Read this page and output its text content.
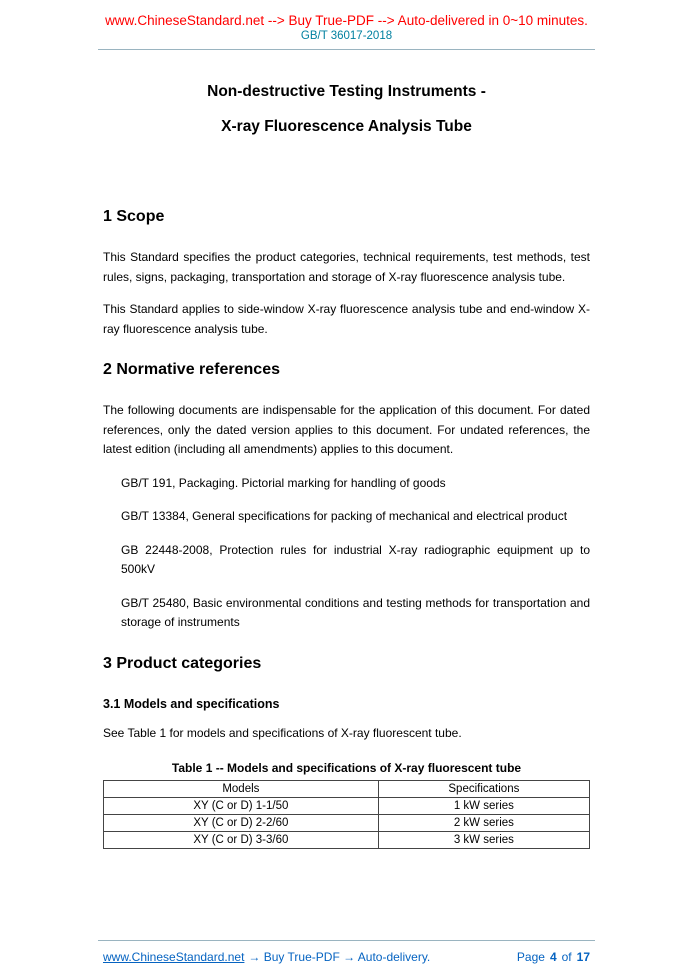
www.ChineseStandard.net --> Buy True-PDF --> Auto-delivered in 0~10 minutes.
GB/T 36017-2018
Non-destructive Testing Instruments -
X-ray Fluorescence Analysis Tube
1 Scope

This Standard specifies the product categories, technical requirements, test methods, test rules, signs, packaging, transportation and storage of X-ray fluorescence analysis tube.

This Standard applies to side-window X-ray fluorescence analysis tube and end-window X-ray fluorescence analysis tube.

2 Normative references

The following documents are indispensable for the application of this document. For dated references, only the dated version applies to this document. For undated references, the latest edition (including all amendments) applies to this document.

GB/T 191, Packaging. Pictorial marking for handling of goods

GB/T 13384, General specifications for packing of mechanical and electrical product

GB 22448-2008, Protection rules for industrial X-ray radiographic equipment up to 500kV

GB/T 25480, Basic environmental conditions and testing methods for transportation and storage of instruments

3 Product categories
3.1 Models and specifications

See Table 1 for models and specifications of X-ray fluorescent tube.

Table 1 -- Models and specifications of X-ray fluorescent tube
Models	Specifications
XY (C or D) 1-1/50	1 kW series
XY (C or D) 2-2/60	2 kW series
XY (C or D) 3-3/60	3 kW series
www.ChineseStandard.net → Buy True-PDF → Auto-delivery.	Page 4 of 17
